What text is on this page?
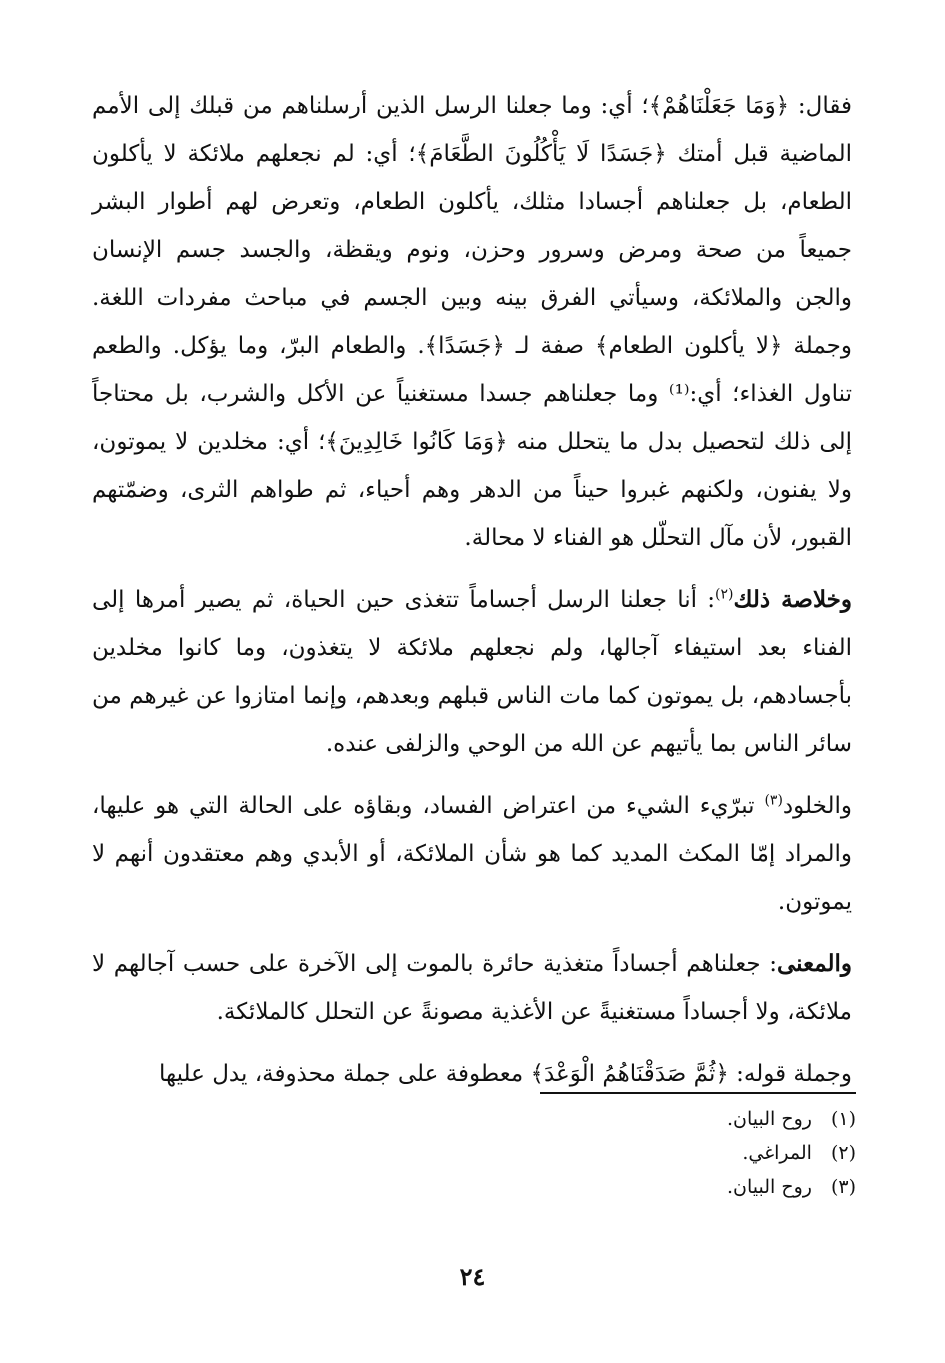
فقال: ﴿وَمَا جَعَلْنَاهُمْ﴾؛ أي: وما جعلنا الرسل الذين أرسلناهم من قبلك إلى الأمم الماضية قبل أمتك ﴿جَسَدًا لَا يَأْكُلُونَ الطَّعَامَ﴾؛ أي: لم نجعلهم ملائكة لا يأكلون الطعام، بل جعلناهم أجسادا مثلك، يأكلون الطعام، وتعرض لهم أطوار البشر جميعاً من صحة ومرض وسرور وحزن، ونوم ويقظة، والجسد جسم الإنسان والجن والملائكة، وسيأتي الفرق بينه وبين الجسم في مباحث مفردات اللغة. وجملة ﴿لا يأكلون الطعام﴾ صفة لـ ﴿جَسَدًا﴾. والطعام البرّ، وما يؤكل. والطعم تناول الغذاء؛ أي:⁽¹⁾ وما جعلناهم جسدا مستغنياً عن الأكل والشرب، بل محتاجاً إلى ذلك لتحصيل بدل ما يتحلل منه ﴿وَمَا كَانُوا خَالِدِينَ﴾؛ أي: مخلدين لا يموتون، ولا يفنون، ولكنهم غبروا حيناً من الدهر وهم أحياء، ثم طواهم الثرى، وضمّتهم القبور، لأن مآل التحلّل هو الفناء لا محالة.

وخلاصة ذلك$^{(٢)}$: أنا جعلنا الرسل أجساماً تتغذى حين الحياة، ثم يصير أمرها إلى الفناء بعد استيفاء آجالها، ولم نجعلهم ملائكة لا يتغذون، وما كانوا مخلدين بأجسادهم، بل يموتون كما مات الناس قبلهم وبعدهم، وإنما امتازوا عن غيرهم من سائر الناس بما يأتيهم عن الله من الوحي والزلفى عنده.

والخلود$^{(٣)}$ تبرّيء الشيء من اعتراض الفساد، وبقاؤه على الحالة التي هو عليها، والمراد إمّا المكث المديد كما هو شأن الملائكة، أو الأبدي وهم معتقدون أنهم لا يموتون.

والمعنى: جعلناهم أجساداً متغذية حائرة بالموت إلى الآخرة على حسب آجالهم لا ملائكة، ولا أجساداً مستغنيةً عن الأغذية مصونةً عن التحلل كالملائكة.

وجملة قوله: ﴿ثُمَّ صَدَقْنَاهُمُ الْوَعْدَ﴾ معطوفة على جملة محذوفة، يدل عليها

(١) روح البيان.
(٢) المراغي.
(٣) روح البيان.
٢٤
